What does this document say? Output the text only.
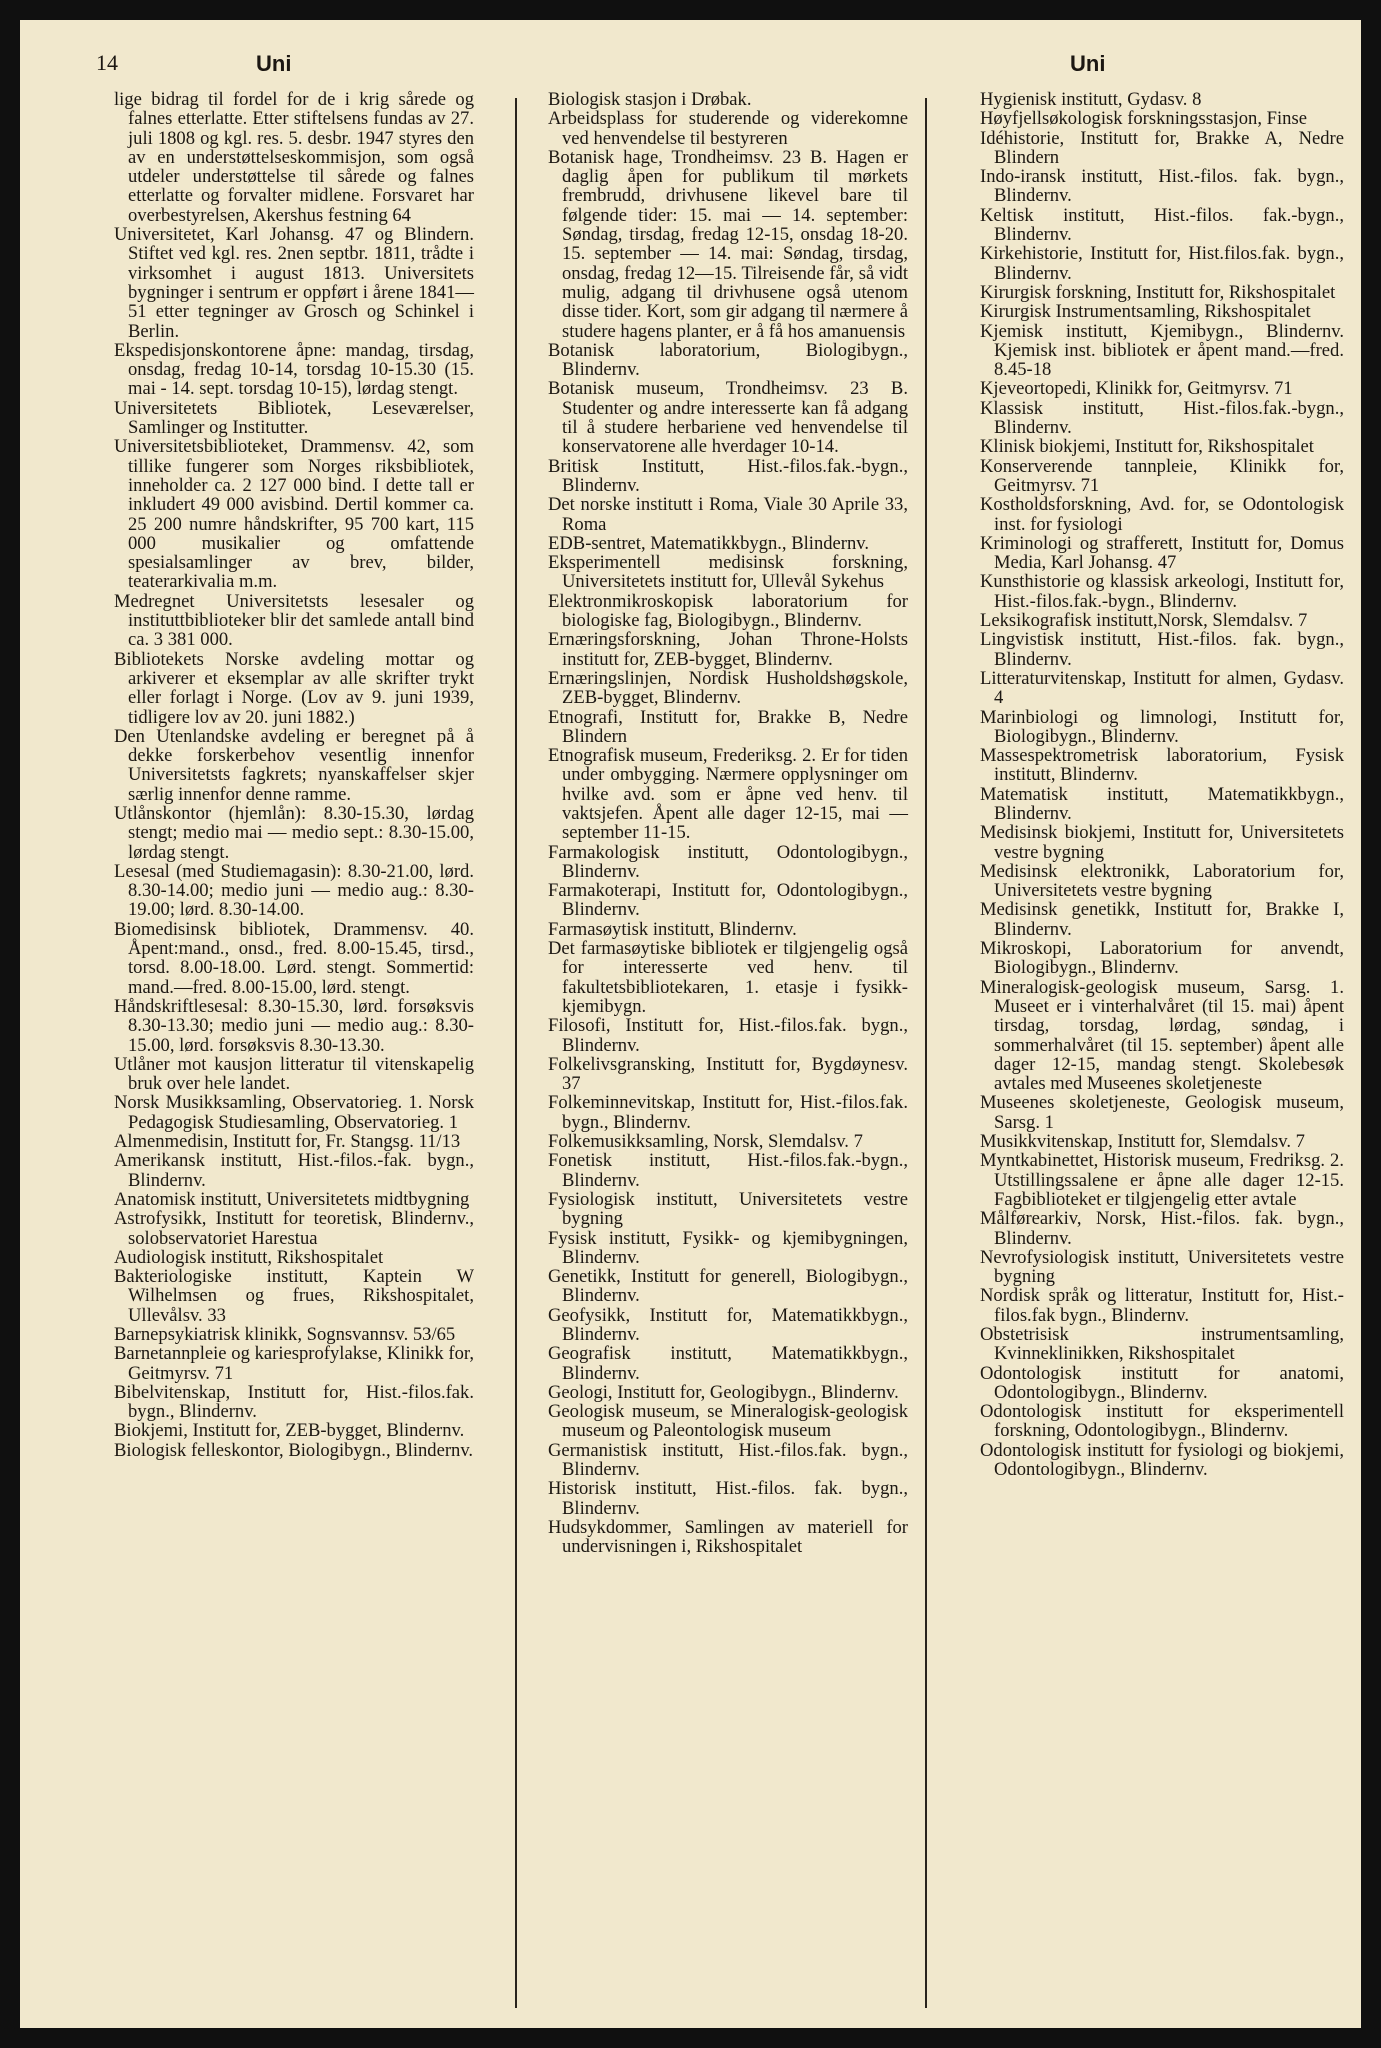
14	Uni	Uni
lige bidrag til fordel for de i krig sårede og falnes etterlatte. Etter stiftelsens fundas av 27. juli 1808 og kgl. res. 5. desbr. 1947 styres den av en understøttelseskommisjon, som også utdeler understøttelse til sårede og falnes etterlatte og forvalter midlene. Forsvaret har overbestyrelsen, Akershus festning 64
Universitetet, Karl Johansg. 47 og Blindern. Stiftet ved kgl. res. 2nen septbr. 1811, trådte i virksomhet i august 1813. Universitets bygninger i sentrum er oppført i årene 1841—51 etter tegninger av Grosch og Schinkel i Berlin.
Ekspedisjonskontorene åpne: mandag, tirsdag, onsdag, fredag 10-14, torsdag 10-15.30 (15. mai - 14. sept. torsdag 10-15), lørdag stengt.
Universitetets Bibliotek, Leseværelser, Samlinger og Institutter.
Universitetsbiblioteket, Drammensv. 42, som tillike fungerer som Norges riksbibliotek, inneholder ca. 2 127 000 bind. I dette tall er inkludert 49 000 avisbind. Dertil kommer ca. 25 200 numre håndskrifter, 95 700 kart, 115 000 musikalier og omfattende spesialsamlinger av brev, bilder, teaterarkivalia m.m.
Medregnet Universitetsts lesesaler og instituttbiblioteker blir det samlede antall bind ca. 3 381 000.
Bibliotekets Norske avdeling mottar og arkiverer et eksemplar av alle skrifter trykt eller forlagt i Norge. (Lov av 9. juni 1939, tidligere lov av 20. juni 1882.)
Den Utenlandske avdeling er beregnet på å dekke forskerbehov vesentlig innenfor Universitetsts fagkrets; nyanskaffelser skjer særlig innenfor denne ramme.
Utlånskontor (hjemlån): 8.30-15.30, lørdag stengt; medio mai — medio sept.: 8.30-15.00, lørdag stengt.
Lesesal (med Studiemagasin): 8.30-21.00, lørd. 8.30-14.00; medio juni — medio aug.: 8.30-19.00; lørd. 8.30-14.00.
Biomedisinsk bibliotek, Drammensv. 40. Åpent:mand., onsd., fred. 8.00-15.45, tirsd., torsd. 8.00-18.00. Lørd. stengt. Sommertid: mand.—fred. 8.00-15.00, lørd. stengt.
Håndskriftlesesal: 8.30-15.30, lørd. forsøksvis 8.30-13.30; medio juni — medio aug.: 8.30-15.00, lørd. forsøksvis 8.30-13.30.
Utlåner mot kausjon litteratur til vitenskapelig bruk over hele landet.
Norsk Musikksamling, Observatorieg. 1. Norsk Pedagogisk Studiesamling, Observatorieg. 1
Almenmedisin, Institutt for, Fr. Stangsg. 11/13
Amerikansk institutt, Hist.-filos.-fak. bygn., Blindernv.
Anatomisk institutt, Universitetets midtbygning
Astrofysikk, Institutt for teoretisk, Blindernv., solobservatoriet Harestua
Audiologisk institutt, Rikshospitalet
Bakteriologiske institutt, Kaptein W Wilhelmsen og frues, Rikshospitalet, Ullevålsv. 33
Barnepsykiatrisk klinikk, Sognsvannsv. 53/65
Barnetannpleie og kariesprofylakse, Klinikk for, Geitmyrsv. 71
Bibelvitenskap, Institutt for, Hist.-filos.fak. bygn., Blindernv.
Biokjemi, Institutt for, ZEB-bygget, Blindernv.
Biologisk felleskontor, Biologibygn., Blindernv.
Biologisk stasjon i Drøbak.
Arbeidsplass for studerende og viderekomne ved henvendelse til bestyreren
Botanisk hage, Trondheimsv. 23 B. Hagen er daglig åpen for publikum til mørkets frembrudd, drivhusene likevel bare til følgende tider: 15. mai — 14. september: Søndag, tirsdag, fredag 12-15, onsdag 18-20. 15. september — 14. mai: Søndag, tirsdag, onsdag, fredag 12—15. Tilreisende får, så vidt mulig, adgang til drivhusene også utenom disse tider. Kort, som gir adgang til nærmere å studere hagens planter, er å få hos amanuensis
Botanisk laboratorium, Biologibygn., Blindernv.
Botanisk museum, Trondheimsv. 23 B. Studenter og andre interesserte kan få adgang til å studere herbariene ved henvendelse til konservatorene alle hverdager 10-14.
Britisk Institutt, Hist.-filos.fak.-bygn., Blindernv.
Det norske institutt i Roma, Viale 30 Aprile 33, Roma
EDB-sentret, Matematikkbygn., Blindernv.
Eksperimentell medisinsk forskning, Universitetets institutt for, Ullevål Sykehus
Elektronmikroskopisk laboratorium for biologiske fag, Biologibygn., Blindernv.
Ernæringsforskning, Johan Throne-Holsts institutt for, ZEB-bygget, Blindernv.
Ernæringslinjen, Nordisk Husholdshøgskole, ZEB-bygget, Blindernv.
Etnografi, Institutt for, Brakke B, Nedre Blindern
Etnografisk museum, Frederiksg. 2. Er for tiden under ombygging. Nærmere opplysninger om hvilke avd. som er åpne ved henv. til vaktsjefen. Åpent alle dager 12-15, mai — september 11-15.
Farmakologisk institutt, Odontologibygn., Blindernv.
Farmakoterapi, Institutt for, Odontologibygn., Blindernv.
Farmasøytisk institutt, Blindernv.
Det farmasøytiske bibliotek er tilgjengelig også for interesserte ved henv. til fakultetsbibliotekaren, 1. etasje i fysikk-kjemibygn.
Filosofi, Institutt for, Hist.-filos.fak. bygn., Blindernv.
Folkelivsgransking, Institutt for, Bygdøynesv. 37
Folkeminnevitskap, Institutt for, Hist.-filos.fak. bygn., Blindernv.
Folkemusikksamling, Norsk, Slemdalsv. 7
Fonetisk institutt, Hist.-filos.fak.-bygn., Blindernv.
Fysiologisk institutt, Universitetets vestre bygning
Fysisk institutt, Fysikk- og kjemibygningen, Blindernv.
Genetikk, Institutt for generell, Biologibygn., Blindernv.
Geofysikk, Institutt for, Matematikkbygn., Blindernv.
Geografisk institutt, Matematikkbygn., Blindernv.
Geologi, Institutt for, Geologibygn., Blindernv.
Geologisk museum, se Mineralogisk-geologisk museum og Paleontologisk museum
Germanistisk institutt, Hist.-filos.fak. bygn., Blindernv.
Historisk institutt, Hist.-filos. fak. bygn., Blindernv.
Hudsykdommer, Samlingen av materiell for undervisningen i, Rikshospitalet
Hygienisk institutt, Gydasv. 8
Høyfjellsøkologisk forskningsstasjon, Finse
Idéhistorie, Institutt for, Brakke A, Nedre Blindern
Indo-iransk institutt, Hist.-filos. fak. bygn., Blindernv.
Keltisk institutt, Hist.-filos. fak.-bygn., Blindernv.
Kirkehistorie, Institutt for, Hist.filos.fak. bygn., Blindernv.
Kirurgisk forskning, Institutt for, Rikshospitalet
Kirurgisk Instrumentsamling, Rikshospitalet
Kjemisk institutt, Kjemibygn., Blindernv. Kjemisk inst. bibliotek er åpent mand.—fred. 8.45-18
Kjeveortopedi, Klinikk for, Geitmyrsv. 71
Klassisk institutt, Hist.-filos.fak.-bygn., Blindernv.
Klinisk biokjemi, Institutt for, Rikshospitalet
Konserverende tannpleie, Klinikk for, Geitmyrsv. 71
Kostholdsforskning, Avd. for, se Odontologisk inst. for fysiologi
Kriminologi og strafferett, Institutt for, Domus Media, Karl Johansg. 47
Kunsthistorie og klassisk arkeologi, Institutt for, Hist.-filos.fak.-bygn., Blindernv.
Leksikografisk institutt,Norsk, Slemdalsv. 7
Lingvistisk institutt, Hist.-filos. fak. bygn., Blindernv.
Litteraturvitenskap, Institutt for almen, Gydasv. 4
Marinbiologi og limnologi, Institutt for, Biologibygn., Blindernv.
Massespektrometrisk laboratorium, Fysisk institutt, Blindernv.
Matematisk institutt, Matematikkbygn., Blindernv.
Medisinsk biokjemi, Institutt for, Universitetets vestre bygning
Medisinsk elektronikk, Laboratorium for, Universitetets vestre bygning
Medisinsk genetikk, Institutt for, Brakke I, Blindernv.
Mikroskopi, Laboratorium for anvendt, Biologibygn., Blindernv.
Mineralogisk-geologisk museum, Sarsg. 1. Museet er i vinterhalvåret (til 15. mai) åpent tirsdag, torsdag, lørdag, søndag, i sommerhalvåret (til 15. september) åpent alle dager 12-15, mandag stengt. Skolebesøk avtales med Museenes skoletjeneste
Museenes skoletjeneste, Geologisk museum, Sarsg. 1
Musikkvitenskap, Institutt for, Slemdalsv. 7
Myntkabinettet, Historisk museum, Fredriksg. 2. Utstillingssalene er åpne alle dager 12-15. Fagbiblioteket er tilgjengelig etter avtale
Målførearkiv, Norsk, Hist.-filos. fak. bygn., Blindernv.
Nevrofysiologisk institutt, Universitetets vestre bygning
Nordisk språk og litteratur, Institutt for, Hist.-filos.fak bygn., Blindernv.
Obstetrisisk instrumentsamling, Kvinneklinikken, Rikshospitalet
Odontologisk institutt for anatomi, Odontologibygn., Blindernv.
Odontologisk institutt for eksperimentell forskning, Odontologibygn., Blindernv.
Odontologisk institutt for fysiologi og biokjemi, Odontologibygn., Blindernv.
